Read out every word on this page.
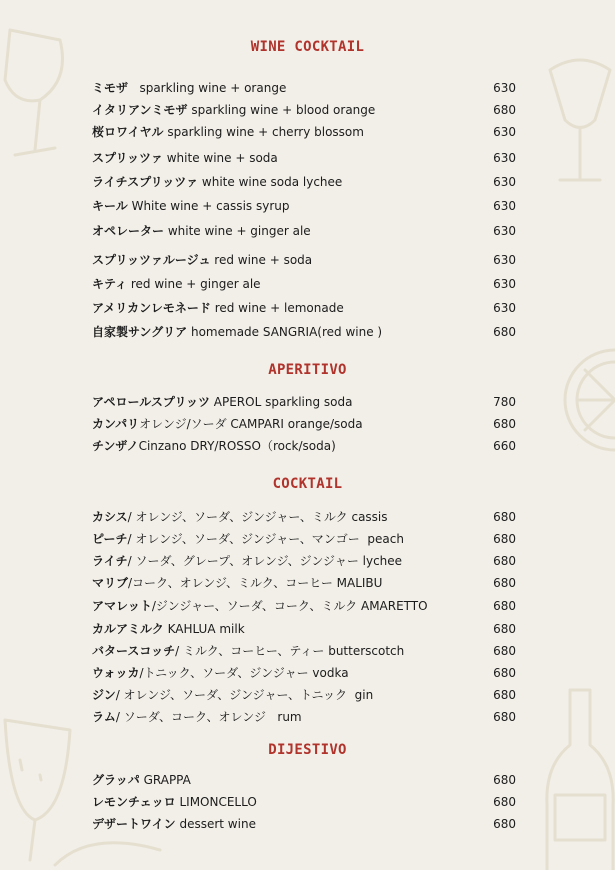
WINE COCKTAIL
ミモザ   sparkling wine + orange	630
イタリアンミモザ sparkling wine + blood orange	680
桜ロワイヤル sparkling wine + cherry blossom	630
スプリッツァ white wine + soda	630
ライチスプリッツァ white wine soda lychee	630
キール White wine + cassis syrup	630
オペレーター white wine + ginger ale	630
スプリッツァルージュ red wine + soda	630
キティ red wine + ginger ale	630
アメリカンレモネード red wine + lemonade	630
自家製サングリア homemade SANGRIA(red wine )	680
APERITIVO
アペロールスプリッツ APEROL sparkling soda	780
カンパリオレンジ/ソーダ CAMPARI orange/soda	680
チンザノCinzano DRY/ROSSO（rock/soda)	660
COCKTAIL
カシス/ オレンジ、ソーダ、ジンジャー、ミルク cassis	680
ピーチ/ オレンジ、ソーダ、ジンジャー、マンゴー  peach	680
ライチ/ ソーダ、グレープ、オレンジ、ジンジャー lychee	680
マリブ/コーク、オレンジ、ミルク、コーヒー MALIBU	680
アマレット/ジンジャー、ソーダ、コーク、ミルク AMARETTO	680
カルアミルク KAHLUA milk	680
バタースコッチ/ ミルク、コーヒー、ティー butterscotch	680
ウォッカ/トニック、ソーダ、ジンジャー vodka	680
ジン/ オレンジ、ソーダ、ジンジャー、トニック  gin	680
ラム/ ソーダ、コーク、オレンジ   rum	680
DIJESTIVO
グラッパ GRAPPA	680
レモンチェッロ LIMONCELLO	680
デザートワイン dessert wine	680
